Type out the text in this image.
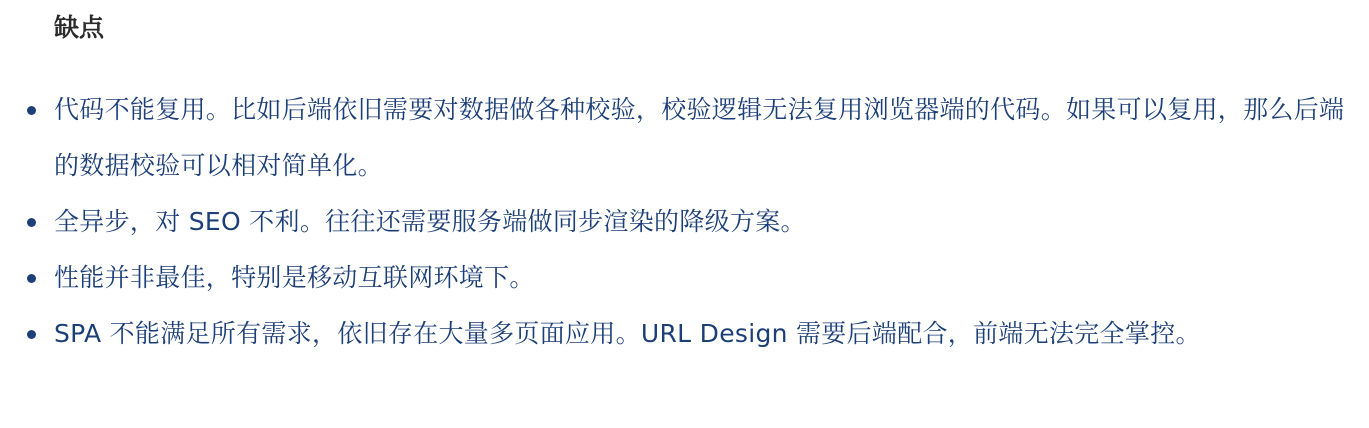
缺点
代码不能复用。比如后端依旧需要对数据做各种校验，校验逻辑无法复用浏览器端的代码。如果可以复用，那么后端的数据校验可以相对简单化。
全异步，对 SEO 不利。往往还需要服务端做同步渲染的降级方案。
性能并非最佳，特别是移动互联网环境下。
SPA 不能满足所有需求，依旧存在大量多页面应用。URL Design 需要后端配合，前端无法完全掌控。
